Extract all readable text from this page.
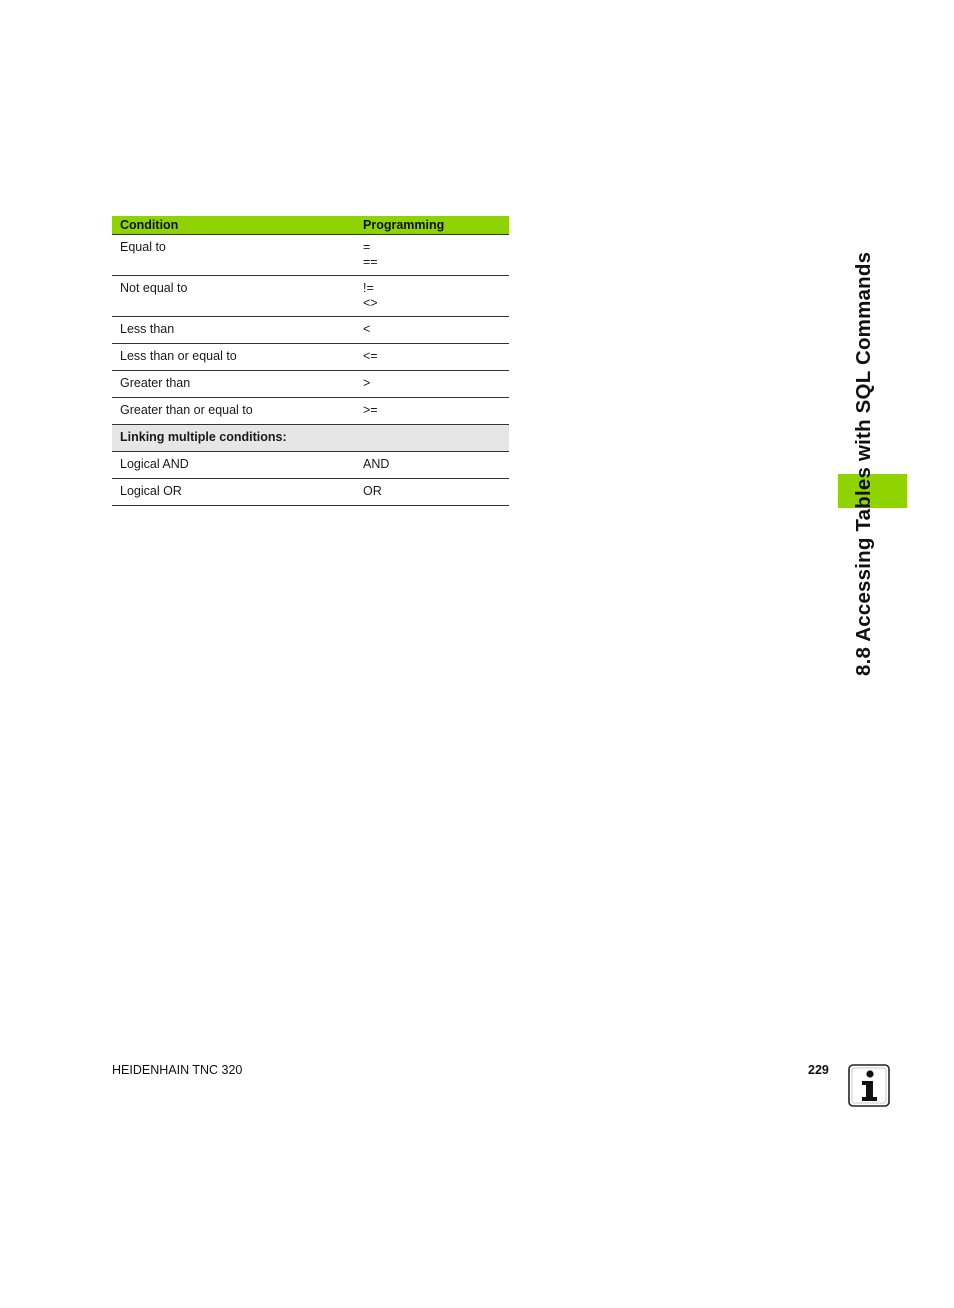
Condition	Programming
Equal to	=
==

Not equal to	!=
<>

Less than	<
Less than or equal to	<=
Greater than	>
Greater than or equal to	>=
Linking multiple conditions:	
Logical AND	AND
Logical OR	OR	8.8 Accessing Tables with SQL Commands
HEIDENHAIN TNC 320	229
